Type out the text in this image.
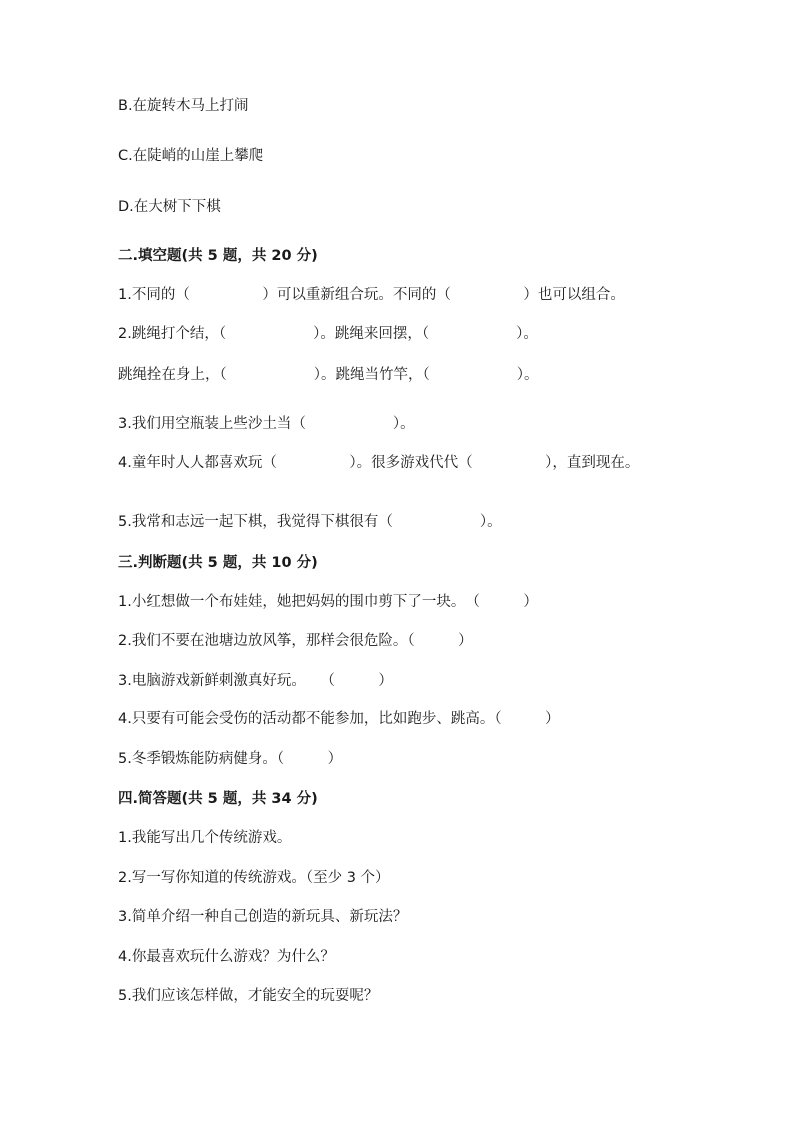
B.在旋转木马上打闹
C.在陡峭的山崖上攀爬
D.在大树下下棋
二.填空题(共 5 题，共 20 分)
1.不同的（　　　　　）可以重新组合玩。不同的（　　　　　）也可以组合。
2.跳绳打个结，（　　　　　　）。跳绳来回摆，（　　　　　　）。
跳绳拴在身上，（　　　　　　）。跳绳当竹竿，（　　　　　　）。
3.我们用空瓶装上些沙土当（　　　　　　）。
4.童年时人人都喜欢玩（　　　　　）。很多游戏代代（　　　　　），直到现在。
5.我常和志远一起下棋，我觉得下棋很有（　　　　　　）。
三.判断题(共 5 题，共 10 分)
1.小红想做一个布娃娃，她把妈妈的围巾剪下了一块。　（　　　）
2.我们不要在池塘边放风筝，那样会很危险。（　　　）
3.电脑游戏新鲜刺激真好玩。　　（　　　）
4.只要有可能会受伤的活动都不能参加，比如跑步、跳高。（　　　）
5.冬季锻炼能防病健身。（　　　）
四.简答题(共 5 题，共 34 分)
1.我能写出几个传统游戏。
2.写一写你知道的传统游戏。（至少 3 个）
3.简单介绍一种自己创造的新玩具、新玩法？
4.你最喜欢玩什么游戏？为什么？
5.我们应该怎样做，才能安全的玩耍呢？
